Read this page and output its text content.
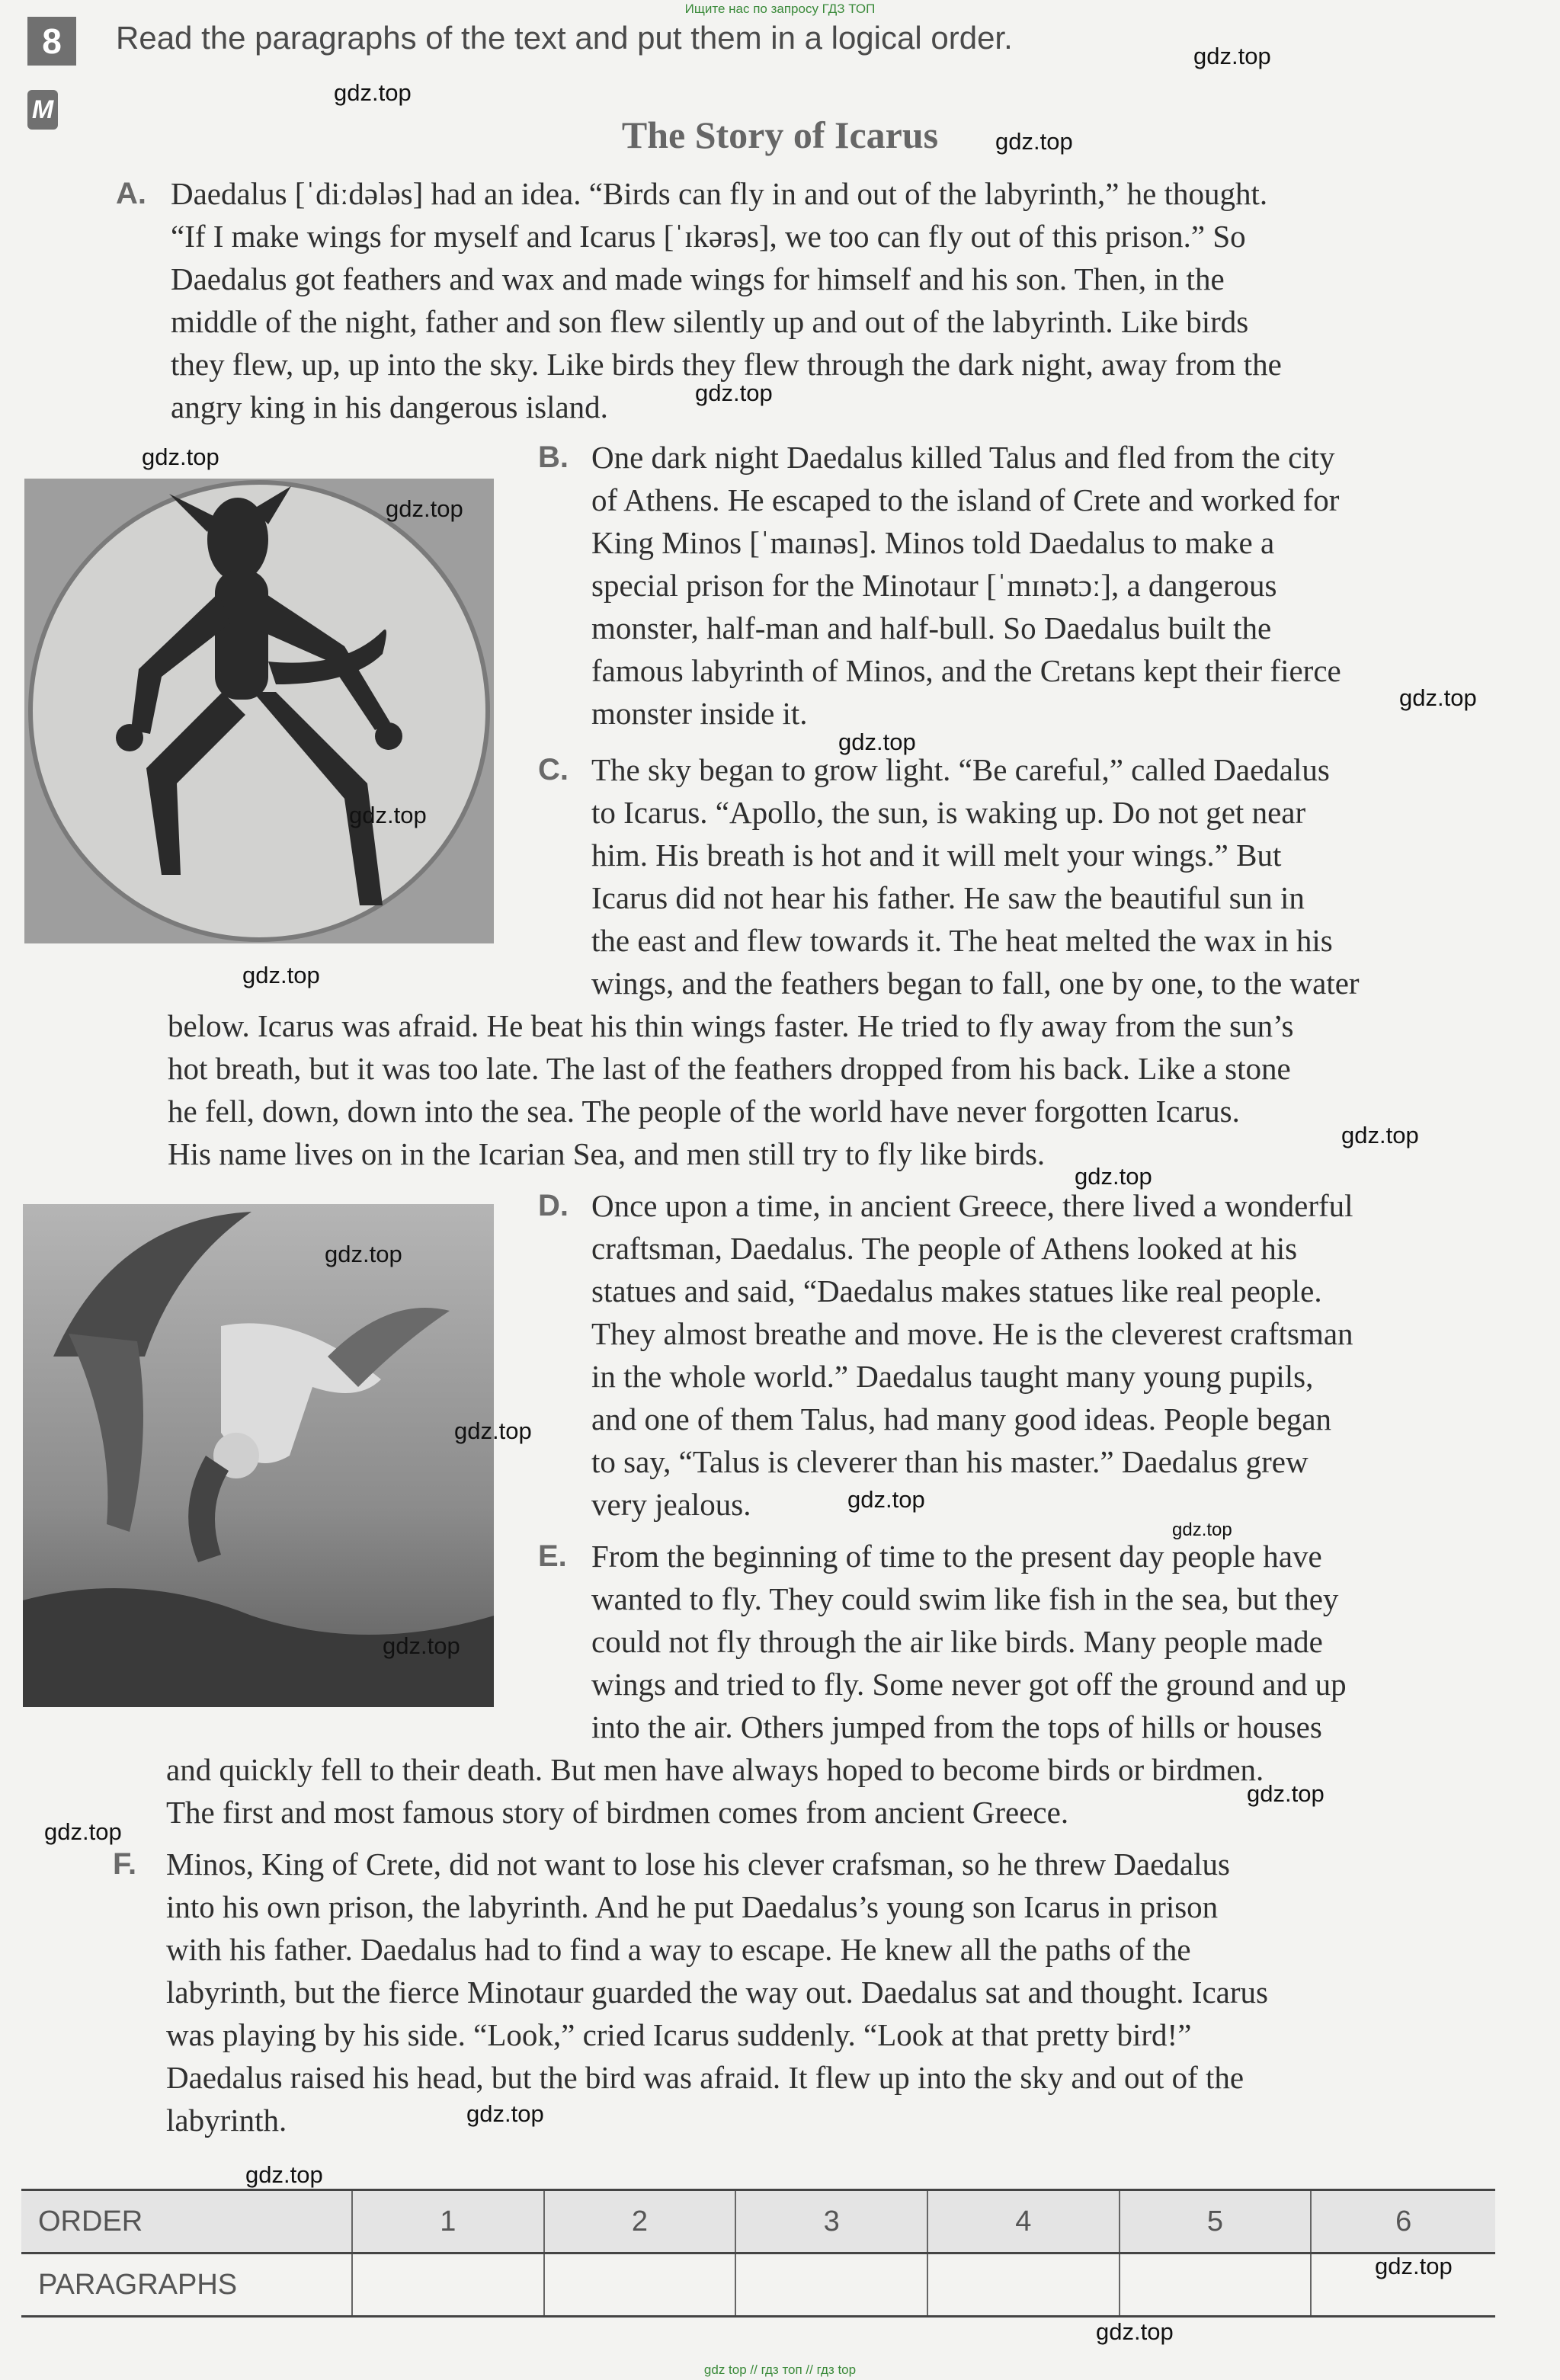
Ищите нас по запросу ГДЗ ТОП
8	Read the paragraphs of the text and put them in a logical order.
M
The Story of Icarus
A. Daedalus [ˈdiːdələs] had an idea. “Birds can fly in and out of the labyrinth,” he thought.
“If I make wings for myself and Icarus [ˈɪkərəs], we too can fly out of this prison.” So
Daedalus got feathers and wax and made wings for himself and his son. Then, in the
middle of the night, father and son flew silently up and out of the labyrinth. Like birds
they flew, up, up into the sky. Like birds they flew through the dark night, away from the
angry king in his dangerous island.
B. One dark night Daedalus killed Talus and fled from the city
of Athens. He escaped to the island of Crete and worked for
King Minos [ˈmaɪnəs]. Minos told Daedalus to make a
special prison for the Minotaur [ˈmɪnətɔː], a dangerous
monster, half-man and half-bull. So Daedalus built the
famous labyrinth of Minos, and the Cretans kept their fierce
monster inside it.
C. The sky began to grow light. “Be careful,” called Daedalus
to Icarus. “Apollo, the sun, is waking up. Do not get near
him. His breath is hot and it will melt your wings.” But
Icarus did not hear his father. He saw the beautiful sun in
the east and flew towards it. The heat melted the wax in his
wings, and the feathers began to fall, one by one, to the water
below. Icarus was afraid. He beat his thin wings faster. He tried to fly away from the sun’s
hot breath, but it was too late. The last of the feathers dropped from his back. Like a stone
he fell, down, down into the sea. The people of the world have never forgotten Icarus.
His name lives on in the Icarian Sea, and men still try to fly like birds.
D. Once upon a time, in ancient Greece, there lived a wonderful
craftsman, Daedalus. The people of Athens looked at his
statues and said, “Daedalus makes statues like real people.
They almost breathe and move. He is the cleverest craftsman
in the whole world.” Daedalus taught many young pupils,
and one of them Talus, had many good ideas. People began
to say, “Talus is cleverer than his master.” Daedalus grew
very jealous.
E. From the beginning of time to the present day people have
wanted to fly. They could swim like fish in the sea, but they
could not fly through the air like birds. Many people made
wings and tried to fly. Some never got off the ground and up
into the air. Others jumped from the tops of hills or houses
and quickly fell to their death. But men have always hoped to become birds or birdmen.
The first and most famous story of birdmen comes from ancient Greece.
F. Minos, King of Crete, did not want to lose his clever crafsman, so he threw Daedalus
into his own prison, the labyrinth. And he put Daedalus’s young son Icarus in prison
with his father. Daedalus had to find a way to escape. He knew all the paths of the
labyrinth, but the fierce Minotaur guarded the way out. Daedalus sat and thought. Icarus
was playing by his side. “Look,” cried Icarus suddenly. “Look at that pretty bird!”
Daedalus raised his head, but the bird was afraid. It flew up into the sky and out of the
labyrinth.
ORDER	1	2	3	4	5	6
PARAGRAPHS						
gdz.top
gdz.top
gdz.top
gdz.top
gdz.top
gdz.top
gdz.top
gdz.top
gdz.top
gdz.top
gdz.top
gdz.top
gdz.top
gdz.top
gdz.top
gdz.top
gdz.top
gdz.top
gdz.top
gdz.top
gdz.top
gdz.top
gdz.top
gdz top // гдз топ // гдз top
